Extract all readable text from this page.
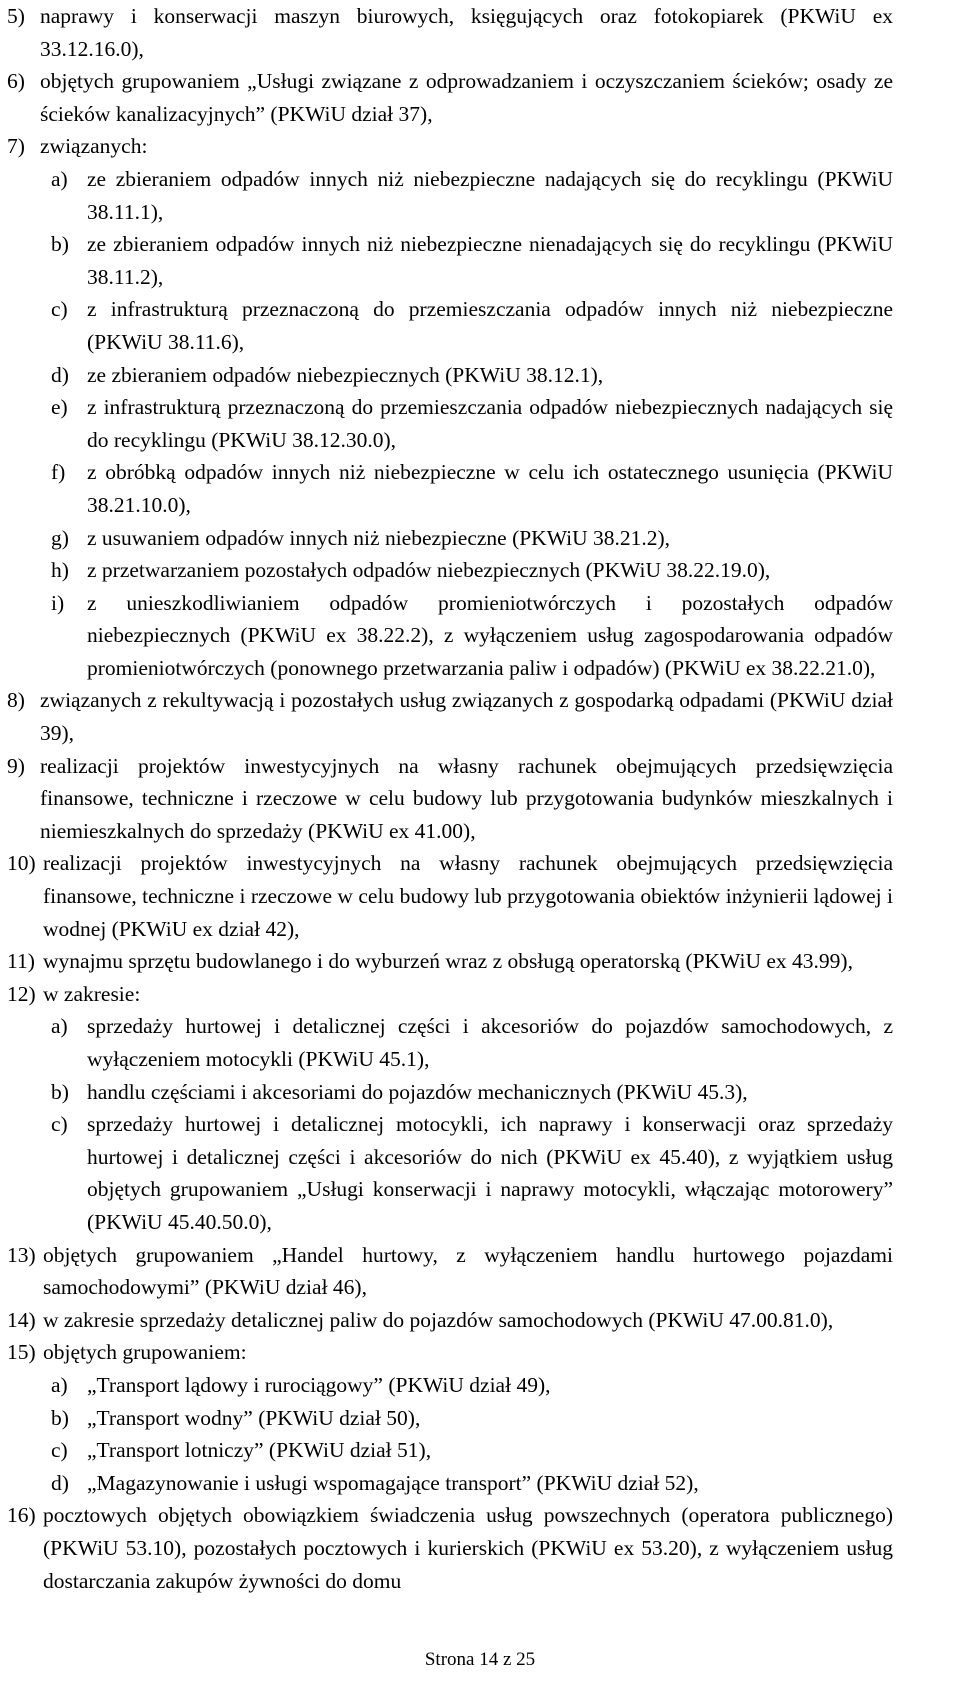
5) naprawy i konserwacji maszyn biurowych, księgujących oraz fotokopiarek (PKWiU ex 33.12.16.0),
6) objętych grupowaniem „Usługi związane z odprowadzaniem i oczyszczaniem ścieków; osady ze ścieków kanalizacyjnych” (PKWiU dział 37),
7) związanych:
a) ze zbieraniem odpadów innych niż niebezpieczne nadających się do recyklingu (PKWiU 38.11.1),
b) ze zbieraniem odpadów innych niż niebezpieczne nienadających się do recyklingu (PKWiU 38.11.2),
c) z infrastrukturą przeznaczoną do przemieszczania odpadów innych niż niebezpieczne (PKWiU 38.11.6),
d) ze zbieraniem odpadów niebezpiecznych (PKWiU 38.12.1),
e) z infrastrukturą przeznaczoną do przemieszczania odpadów niebezpiecznych nadających się do recyklingu (PKWiU 38.12.30.0),
f)	z obróbką odpadów innych niż niebezpieczne w celu ich ostatecznego usunięcia (PKWiU 38.21.10.0),
g) z usuwaniem odpadów innych niż niebezpieczne (PKWiU 38.21.2),
h) z przetwarzaniem pozostałych odpadów niebezpiecznych (PKWiU 38.22.19.0),
i)	z unieszkodliwianiem odpadów promieniotwórczych i pozostałych odpadów niebezpiecznych (PKWiU ex 38.22.2), z wyłączeniem usług zagospodarowania odpadów promieniotwórczych (ponownego przetwarzania paliw i odpadów) (PKWiU ex 38.22.21.0),
8) związanych z rekultywacją i pozostałych usług związanych z gospodarką odpadami (PKWiU dział 39),
9) realizacji projektów inwestycyjnych na własny rachunek obejmujących przedsięwzięcia finansowe, techniczne i rzeczowe w celu budowy lub przygotowania budynków mieszkalnych i niemieszkalnych do sprzedaży (PKWiU ex 41.00),
10) realizacji projektów inwestycyjnych na własny rachunek obejmujących przedsięwzięcia finansowe, techniczne i rzeczowe w celu budowy lub przygotowania obiektów inżynierii lądowej i wodnej (PKWiU ex dział 42),
11) wynajmu sprzętu budowlanego i do wyburzeń wraz z obsługą operatorską (PKWiU ex 43.99),
12) w zakresie:
a) sprzedaży hurtowej i detalicznej części i akcesoriów do pojazdów samochodowych, z wyłączeniem motocykli (PKWiU 45.1),
b) handlu częściami i akcesoriami do pojazdów mechanicznych (PKWiU 45.3),
c) sprzedaży hurtowej i detalicznej motocykli, ich naprawy i konserwacji oraz sprzedaży hurtowej i detalicznej części i akcesoriów do nich (PKWiU ex 45.40), z wyjątkiem usług objętych grupowaniem „Usługi konserwacji i naprawy motocykli, włączając motorowery” (PKWiU 45.40.50.0),
13) objętych grupowaniem „Handel hurtowy, z wyłączeniem handlu hurtowego pojazdami samochodowymi” (PKWiU dział 46),
14) w zakresie sprzedaży detalicznej paliw do pojazdów samochodowych (PKWiU 47.00.81.0),
15) objętych grupowaniem:
a) „Transport lądowy i rurociągowy” (PKWiU dział 49),
b) „Transport wodny” (PKWiU dział 50),
c) „Transport lotniczy” (PKWiU dział 51),
d) „Magazynowanie i usługi wspomagające transport” (PKWiU dział 52),
16) pocztowych objętych obowiązkiem świadczenia usług powszechnych (operatora publicznego) (PKWiU 53.10), pozostałych pocztowych i kurierskich (PKWiU ex 53.20), z wyłączeniem usług dostarczania zakupów żywności do domu
Strona 14 z 25
